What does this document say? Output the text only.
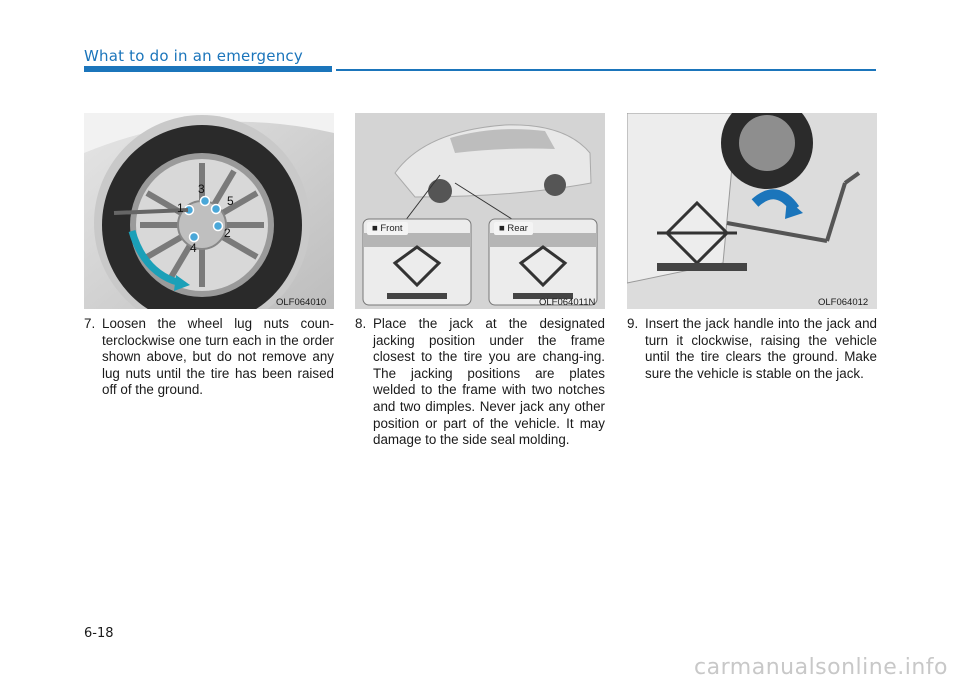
What to do in an emergency
1
2
3
4
5
OLF064010
■ Front	■ Rear
OLF064011N	OLF064012
7. Loosen the wheel lug nuts coun-terclockwise one turn each in the order shown above, but do not remove any lug nuts until the tire has been raised off of the ground.
8. Place the jack at the designated jacking position under the frame closest to the tire you are chang-ing. The jacking positions are plates welded to the frame with two notches and two dimples. Never jack any other position or part of the vehicle. It may damage to the side seal molding.
9. Insert the jack handle into the jack and turn it clockwise, raising the vehicle until the tire clears the ground. Make sure the vehicle is stable on the jack.
6-18
carmanualsonline.info
